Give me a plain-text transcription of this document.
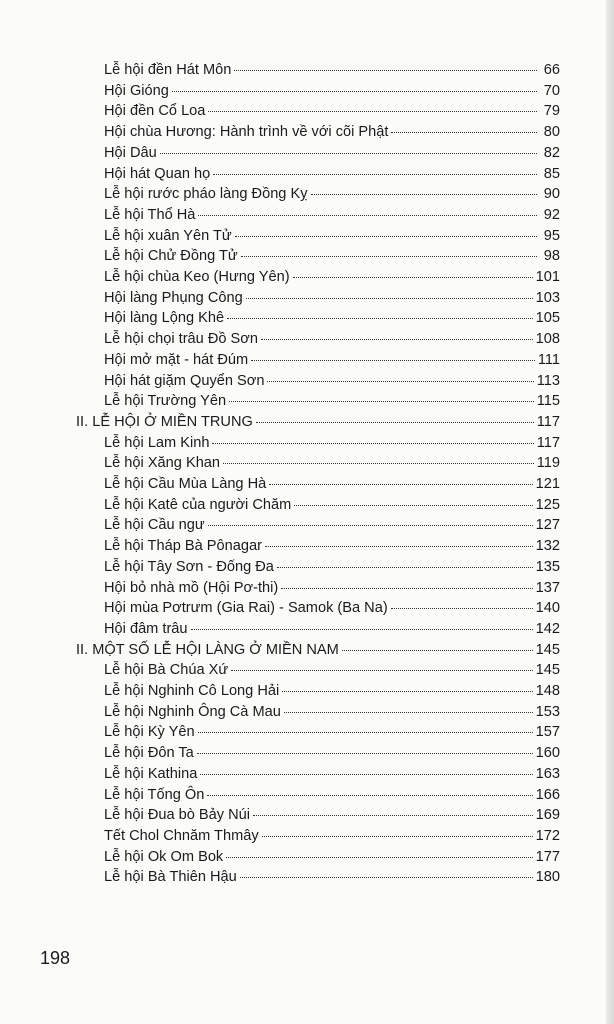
Lễ hội đền Hát Môn	66
Hội Gióng	70
Hội đền Cổ Loa	79
Hội chùa Hương: Hành trình về với cõi Phật	80
Hội Dâu	82
Hội hát Quan họ	85
Lễ hội rước pháo làng Đồng Kỵ	90
Lễ hội Thổ Hà	92
Lễ hội xuân Yên Tử	95
Lễ hội Chử Đồng Tử	98
Lễ hội chùa Keo (Hưng Yên)	101
Hội làng Phụng Công	103
Hội làng Lộng Khê	105
Lễ hội chọi trâu Đồ Sơn	108
Hội mở mặt - hát Đúm	111
Hội hát giặm Quyển Sơn	113
Lễ hội Trường Yên	115
II. LỄ HỘI Ở MIỀN TRUNG	117
Lễ hội Lam Kinh	117
Lễ hội Xăng Khan	119
Lễ hội Cầu Mùa Làng Hà	121
Lễ hội Katê của người Chăm	125
Lễ hội Cầu ngư	127
Lễ hội Tháp Bà Pônagar	132
Lễ hội Tây Sơn - Đống Đa	135
Hội bỏ nhà mồ (Hội Pơ-thi)	137
Hội mùa Pơtrưm (Gia Rai) - Samok (Ba Na)	140
Hội đâm trâu	142
II. MỘT SỐ LỄ HỘI LÀNG Ở MIỀN NAM	145
Lễ hội Bà Chúa Xứ	145
Lễ hội Nghinh Cô Long Hải	148
Lễ hội Nghinh Ông Cà Mau	153
Lễ hội Kỳ Yên	157
Lễ hội Đôn Ta	160
Lễ hội Kathina	163
Lễ hội Tống Ôn	166
Lễ hội Đua bò Bảy Núi	169
Tết Chol Chnăm Thmây	172
Lễ hội Ok Om Bok	177
Lễ hội Bà Thiên Hậu	180
198
